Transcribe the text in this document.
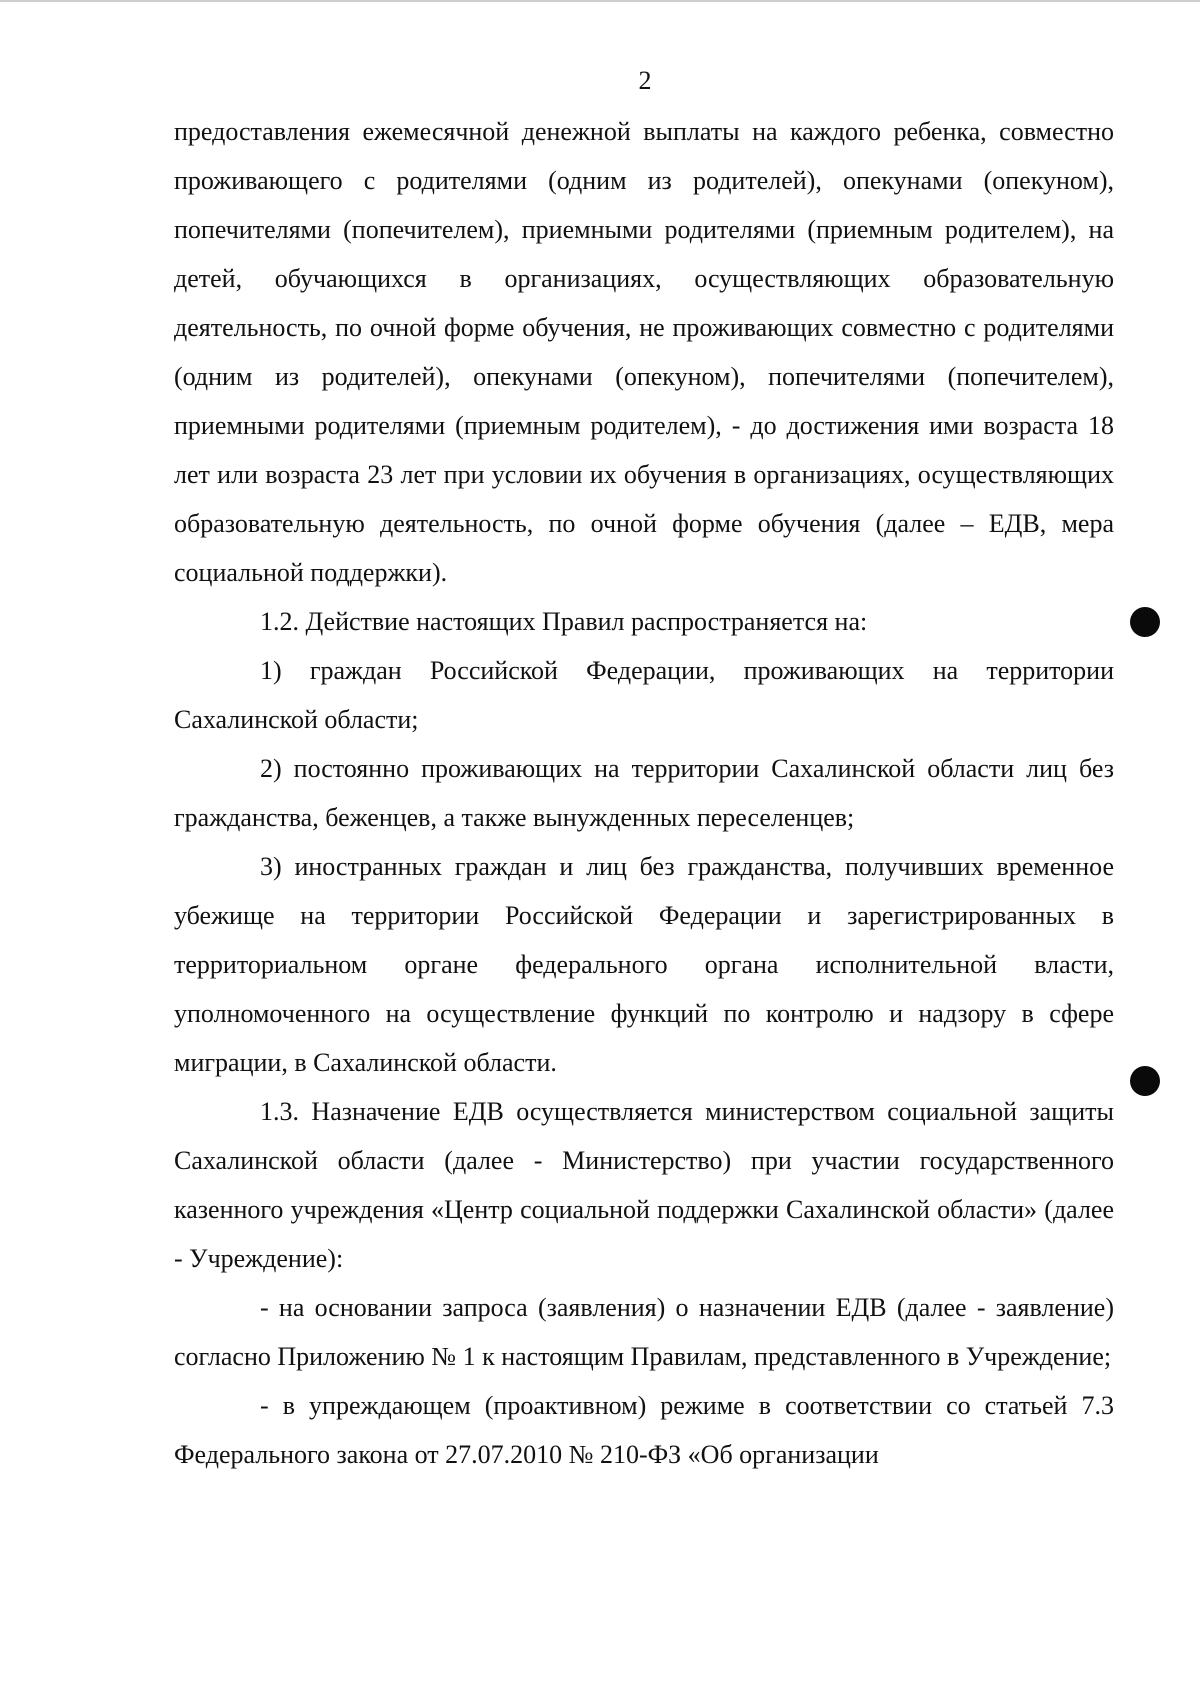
2

предоставления ежемесячной денежной выплаты на каждого ребенка, совместно проживающего с родителями (одним из родителей), опекунами (опекуном), попечителями (попечителем), приемными родителями (приемным родителем), на детей, обучающихся в организациях, осуществляющих образовательную деятельность, по очной форме обучения, не проживающих совместно с родителями (одним из родителей), опекунами (опекуном), попечителями (попечителем), приемными родителями (приемным родителем), - до достижения ими возраста 18 лет или возраста 23 лет при условии их обучения в организациях, осуществляющих образовательную деятельность, по очной форме обучения (далее – ЕДВ, мера социальной поддержки).

1.2. Действие настоящих Правил распространяется на:

1) граждан Российской Федерации, проживающих на территории Сахалинской области;

2) постоянно проживающих на территории Сахалинской области лиц без гражданства, беженцев, а также вынужденных переселенцев;

3) иностранных граждан и лиц без гражданства, получивших временное убежище на территории Российской Федерации и зарегистрированных в территориальном органе федерального органа исполнительной власти, уполномоченного на осуществление функций по контролю и надзору в сфере миграции, в Сахалинской области.

1.3. Назначение ЕДВ осуществляется министерством социальной защиты Сахалинской области (далее - Министерство) при участии государственного казенного учреждения «Центр социальной поддержки Сахалинской области» (далее - Учреждение):

- на основании запроса (заявления) о назначении ЕДВ (далее - заявление) согласно Приложению № 1 к настоящим Правилам, представленного в Учреждение;

- в упреждающем (проактивном) режиме в соответствии со статьей 7.3 Федерального закона от 27.07.2010 № 210-ФЗ «Об организации
